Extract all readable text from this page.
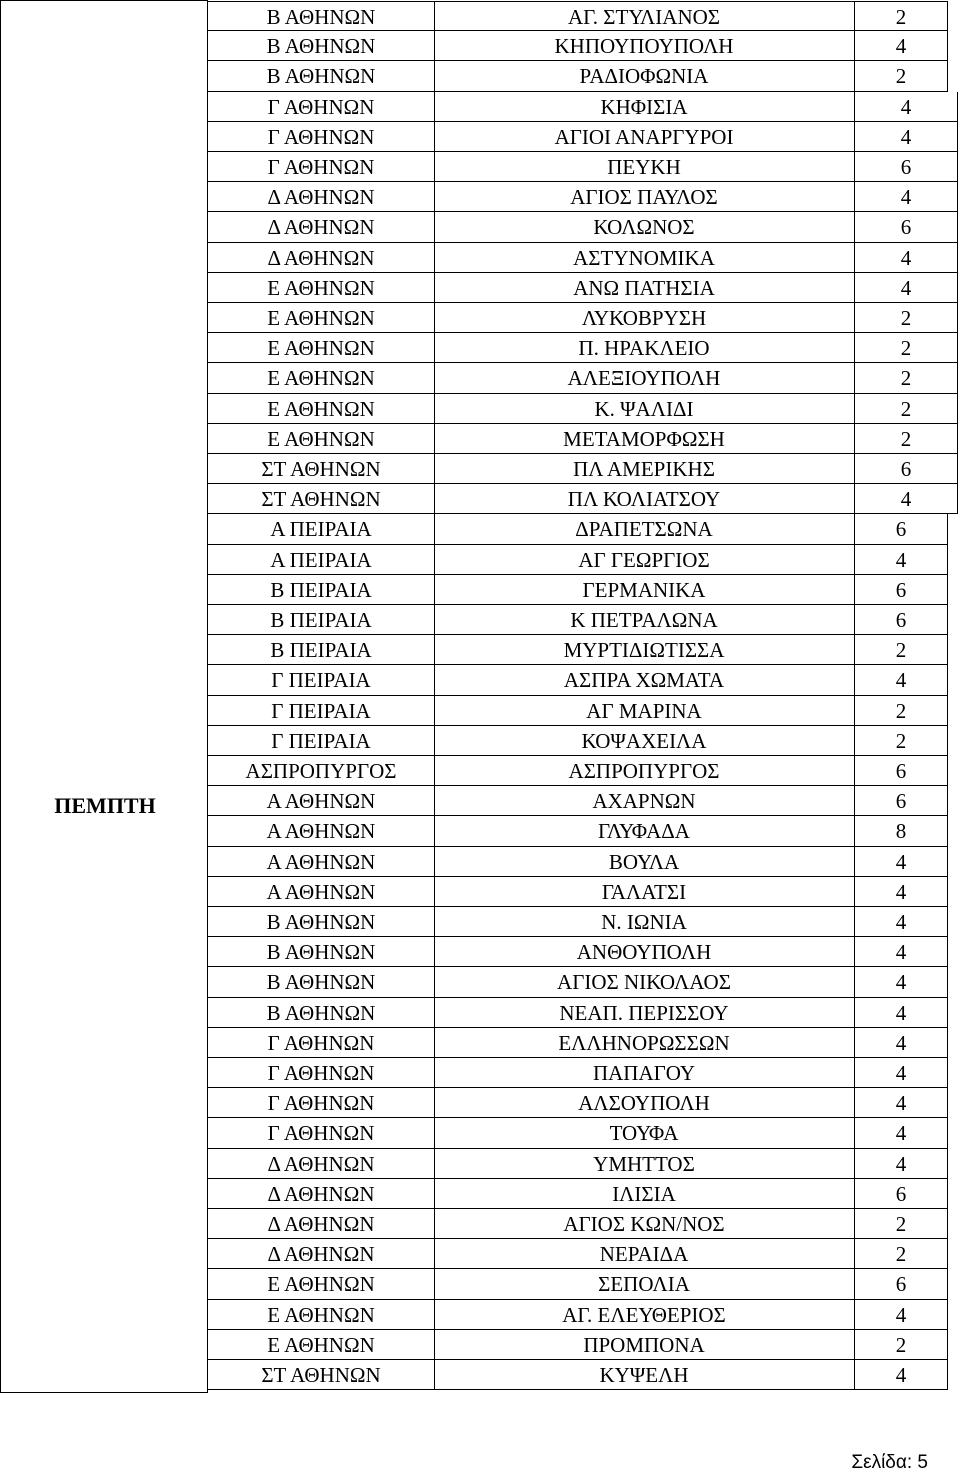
ΠΕΜΠΤΗ
Β ΑΘΗΝΩΝ	ΑΓ. ΣΤΥΛΙΑΝΟΣ	2
Β ΑΘΗΝΩΝ	ΚΗΠΟΥΠΟΥΠΟΛΗ	4
Β ΑΘΗΝΩΝ	ΡΑΔΙΟΦΩΝΙΑ	2
Γ ΑΘΗΝΩΝ	ΚΗΦΙΣΙΑ	4
Γ ΑΘΗΝΩΝ	ΑΓΙΟΙ ΑΝΑΡΓΥΡΟΙ	4
Γ ΑΘΗΝΩΝ	ΠΕΥΚΗ	6
Δ ΑΘΗΝΩΝ	ΑΓΙΟΣ ΠΑΥΛΟΣ	4
Δ ΑΘΗΝΩΝ	ΚΟΛΩΝΟΣ	6
Δ ΑΘΗΝΩΝ	ΑΣΤΥΝΟΜΙΚΑ	4
Ε ΑΘΗΝΩΝ	ΑΝΩ ΠΑΤΗΣΙΑ	4
Ε ΑΘΗΝΩΝ	ΛΥΚΟΒΡΥΣΗ	2
Ε ΑΘΗΝΩΝ	Π. ΗΡΑΚΛΕΙΟ	2
Ε ΑΘΗΝΩΝ	ΑΛΕΞΙΟΥΠΟΛΗ	2
Ε ΑΘΗΝΩΝ	Κ. ΨΑΛΙΔΙ	2
Ε ΑΘΗΝΩΝ	ΜΕΤΑΜΟΡΦΩΣΗ	2
ΣΤ ΑΘΗΝΩΝ	ΠΛ ΑΜΕΡΙΚΗΣ	6
ΣΤ ΑΘΗΝΩΝ	ΠΛ ΚΟΛΙΑΤΣΟΥ	4
Α ΠΕΙΡΑΙΑ	ΔΡΑΠΕΤΣΩΝΑ	6
Α ΠΕΙΡΑΙΑ	ΑΓ ΓΕΩΡΓΙΟΣ	4
Β ΠΕΙΡΑΙΑ	ΓΕΡΜΑΝΙΚΑ	6
Β ΠΕΙΡΑΙΑ	Κ ΠΕΤΡΑΛΩΝΑ	6
Β ΠΕΙΡΑΙΑ	ΜΥΡΤΙΔΙΩΤΙΣΣΑ	2
Γ ΠΕΙΡΑΙΑ	ΑΣΠΡΑ ΧΩΜΑΤΑ	4
Γ ΠΕΙΡΑΙΑ	ΑΓ ΜΑΡΙΝΑ	2
Γ ΠΕΙΡΑΙΑ	ΚΟΨΑΧΕΙΛΑ	2
ΑΣΠΡΟΠΥΡΓΟΣ	ΑΣΠΡΟΠΥΡΓΟΣ	6
Α ΑΘΗΝΩΝ	ΑΧΑΡΝΩΝ	6
Α ΑΘΗΝΩΝ	ΓΛΥΦΑΔΑ	8
Α ΑΘΗΝΩΝ	ΒΟΥΛΑ	4
Α ΑΘΗΝΩΝ	ΓΑΛΑΤΣΙ	4
Β ΑΘΗΝΩΝ	Ν. ΙΩΝΙΑ	4
Β ΑΘΗΝΩΝ	ΑΝΘΟΥΠΟΛΗ	4
Β ΑΘΗΝΩΝ	ΑΓΙΟΣ ΝΙΚΟΛΑΟΣ	4
Β ΑΘΗΝΩΝ	ΝΕΑΠ. ΠΕΡΙΣΣΟΥ	4
Γ ΑΘΗΝΩΝ	ΕΛΛΗΝΟΡΩΣΣΩΝ	4
Γ ΑΘΗΝΩΝ	ΠΑΠΑΓΟΥ	4
Γ ΑΘΗΝΩΝ	ΑΛΣΟΥΠΟΛΗ	4
Γ ΑΘΗΝΩΝ	ΤΟΥΦΑ	4
Δ ΑΘΗΝΩΝ	ΥΜΗΤΤΟΣ	4
Δ ΑΘΗΝΩΝ	ΙΛΙΣΙΑ	6
Δ ΑΘΗΝΩΝ	ΑΓΙΟΣ ΚΩΝ/ΝΟΣ	2
Δ ΑΘΗΝΩΝ	ΝΕΡΑΙΔΑ	2
Ε ΑΘΗΝΩΝ	ΣΕΠΟΛΙΑ	6
Ε ΑΘΗΝΩΝ	ΑΓ. ΕΛΕΥΘΕΡΙΟΣ	4
Ε ΑΘΗΝΩΝ	ΠΡΟΜΠΟΝΑ	2
ΣΤ ΑΘΗΝΩΝ	ΚΥΨΕΛΗ	4
Σελίδα: 5
